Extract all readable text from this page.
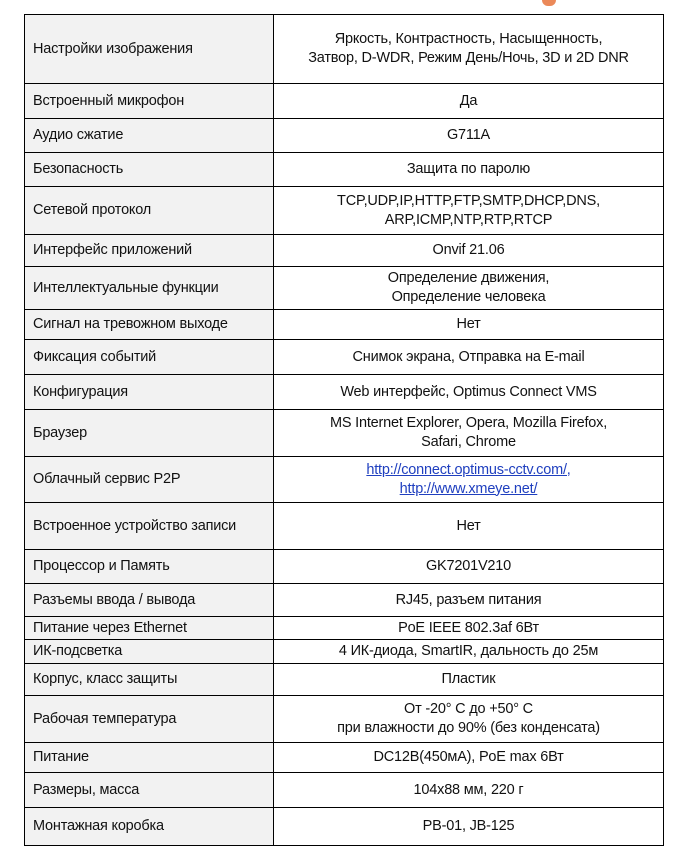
Настройки изображения	Яркость, Контрастность, Насыщенность,
Затвор, D-WDR, Режим День/Ночь, 3D и 2D DNR

Встроенный микрофон	Да

Аудио сжатие	G711A

Безопасность	Защита по паролю

Сетевой протокол	TCP,UDP,IP,HTTP,FTP,SMTP,DHCP,DNS,
ARP,ICMP,NTP,RTP,RTCP

Интерфейс приложений	Onvif 21.06

Интеллектуальные функции	Определение движения,
Определение человека

Сигнал на тревожном выходе	Нет

Фиксация событий	Снимок экрана, Отправка на E-mail

Конфигурация	Web интерфейс, Optimus Connect VMS

Браузер	MS Internet Explorer, Opera, Mozilla Firefox,
Safari, Chrome

Облачный сервис P2P	http://connect.optimus-cctv.com/,
http://www.xmeye.net/

Встроенное устройство записи	Нет

Процессор и Память	GK7201V210

Разъемы ввода / вывода	RJ45, разъем питания

Питание через Ethernet	PoE IEEE 802.3af 6Вт

ИК-подсветка	4 ИК-диода, SmartIR, дальность до 25м

Корпус, класс защиты	Пластик

Рабочая температура	От -20° C до +50° C
при влажности до 90% (без конденсата)

Питание	DC12В(450мА), PoE max 6Вт

Размеры, масса	104x88 мм, 220 г

Монтажная коробка	PB-01, JB-125
